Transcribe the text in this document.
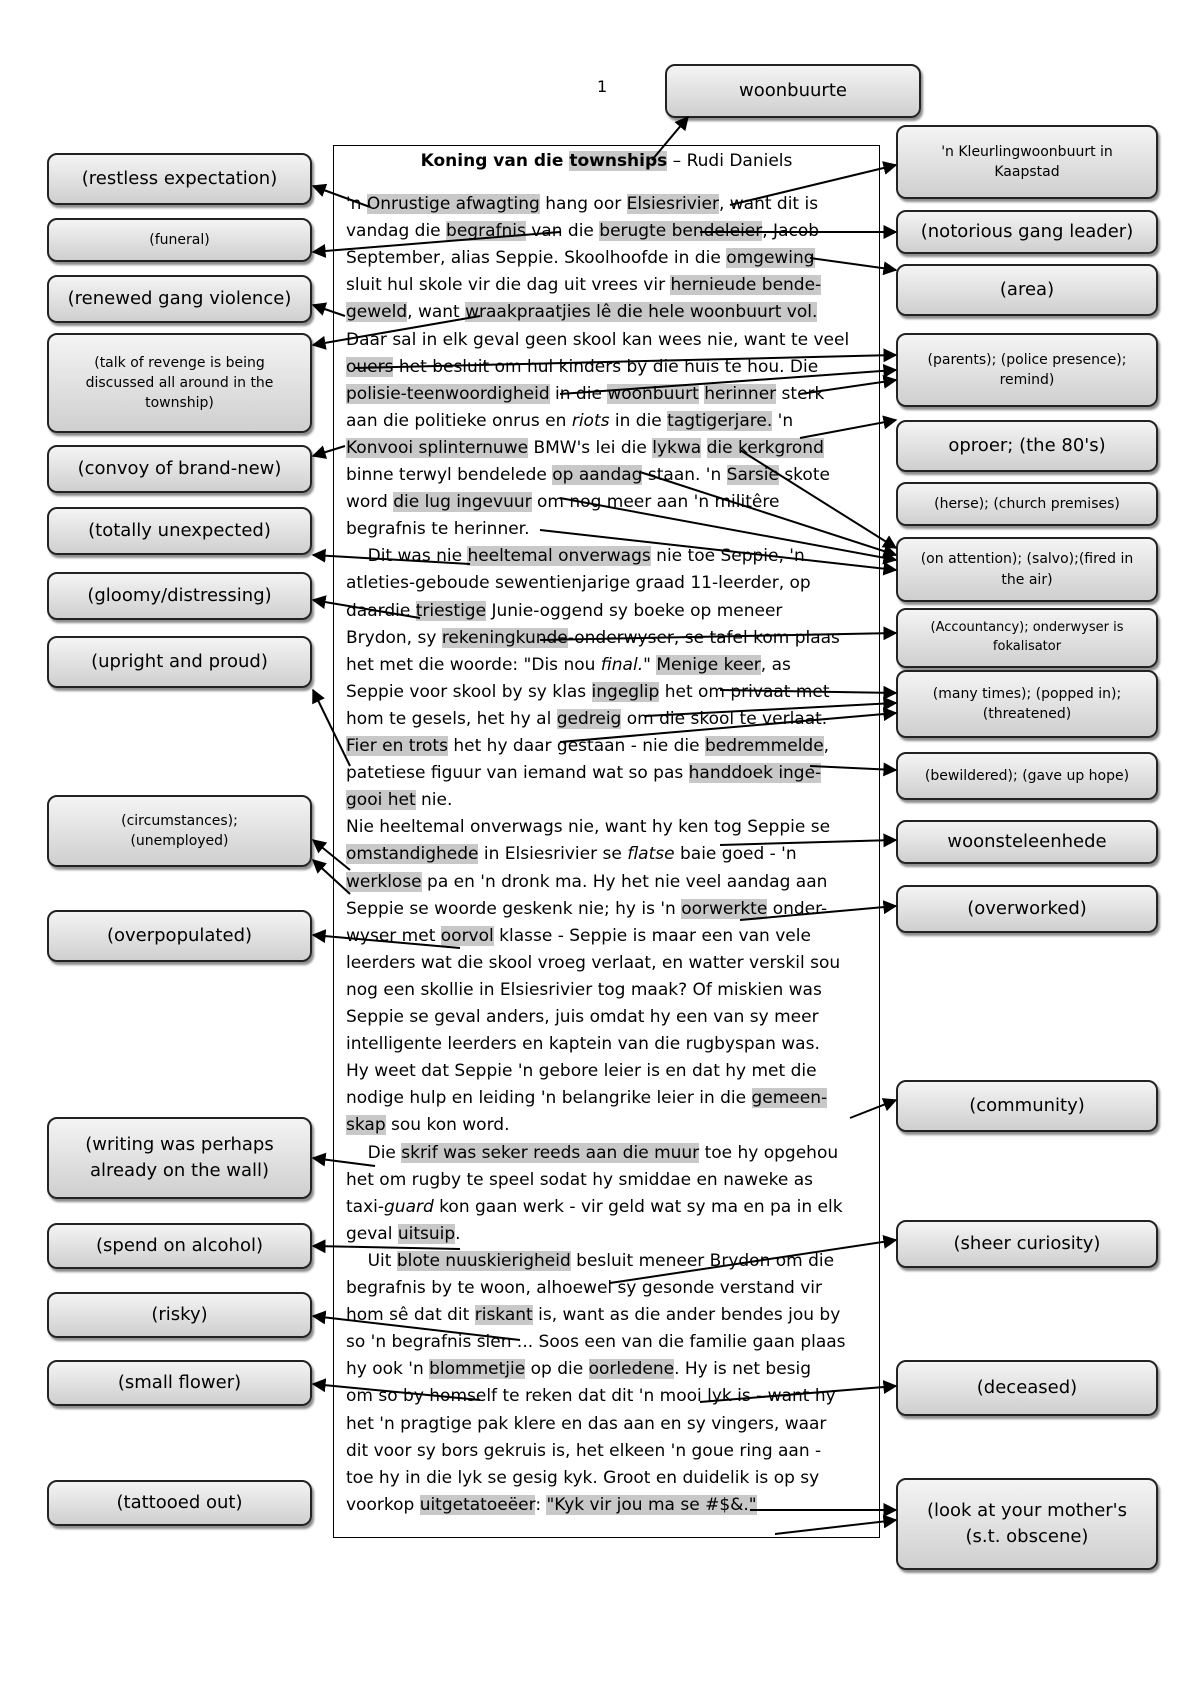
1	woonbuurte
'n Kleurlingwoonbuurt in
Kaapstad
(notorious gang leader)
(area)
(parents); (police presence);
remind)
oproer; (the 80's)
(herse); (church premises)
(on attention); (salvo);(fired in
the air)
(Accountancy); onderwyser is
fokalisator
(many times); (popped in);
(threatened)
(bewildered); (gave up hope)
woonsteleenhede
(overworked)
(community)
(sheer curiosity)
(deceased)
(look at your mother's
(s.t. obscene)
(restless expectation)
(funeral)
(renewed gang violence)
(talk of revenge is being
discussed all around in the
township)
(convoy of brand-new)
(totally unexpected)
(gloomy/distressing)
(upright and proud)
(circumstances);
(unemployed)
(overpopulated)
(writing was perhaps
already on the wall)
(spend on alcohol)
(risky)
(small flower)
(tattooed out)
Koning van die townships – Rudi Daniels
'n Onrustige afwagting hang oor Elsiesrivier, want dit is
vandag die begrafnis van die berugte bendeleier, Jacob
September, alias Seppie. Skoolhoofde in die omgewing
sluit hul skole vir die dag uit vrees vir hernieude bende-
geweld, want wraakpraatjies lê die hele woonbuurt vol.
Daar sal in elk geval geen skool kan wees nie, want te veel
ouers het besluit om hul kinders by die huis te hou. Die
polisie-teenwoordigheid in die woonbuurt herinner sterk
aan die politieke onrus en riots in die tagtigerjare. 'n
Konvooi splinternuwe BMW's lei die lykwa die kerkgrond
binne terwyl bendelede op aandag staan. 'n Sarsie skote
word die lug ingevuur om nog meer aan 'n militêre
begrafnis te herinner.
Dit was nie heeltemal onverwags nie toe Seppie, 'n
atleties-geboude sewentienjarige graad 11-leerder, op
daardie triestige Junie-oggend sy boeke op meneer
Brydon, sy rekeningkunde-onderwyser, se tafel kom plaas
het met die woorde: "Dis nou final." Menige keer, as
Seppie voor skool by sy klas ingeglip het om privaat met
hom te gesels, het hy al gedreig om die skool te verlaat.
Fier en trots het hy daar gestaan - nie die bedremmelde,
patetiese figuur van iemand wat so pas handdoek inge-
gooi het nie.
Nie heeltemal onverwags nie, want hy ken tog Seppie se
omstandighede in Elsiesrivier se flatse baie goed - 'n
werklose pa en 'n dronk ma. Hy het nie veel aandag aan
Seppie se woorde geskenk nie; hy is 'n oorwerkte onder-
wyser met oorvol klasse - Seppie is maar een van vele
leerders wat die skool vroeg verlaat, en watter verskil sou
nog een skollie in Elsiesrivier tog maak? Of miskien was
Seppie se geval anders, juis omdat hy een van sy meer
intelligente leerders en kaptein van die rugbyspan was.
Hy weet dat Seppie 'n gebore leier is en dat hy met die
nodige hulp en leiding 'n belangrike leier in die gemeen-
skap sou kon word.
Die skrif was seker reeds aan die muur toe hy opgehou
het om rugby te speel sodat hy smiddae en naweke as
taxi-guard kon gaan werk - vir geld wat sy ma en pa in elk
geval uitsuip.
Uit blote nuuskierigheid besluit meneer Brydon om die
begrafnis by te woon, alhoewel sy gesonde verstand vir
hom sê dat dit riskant is, want as die ander bendes jou by
so 'n begrafnis sien ... Soos een van die familie gaan plaas
hy ook 'n blommetjie op die oorledene. Hy is net besig
om so by homself te reken dat dit 'n mooi lyk is - want hy
het 'n pragtige pak klere en das aan en sy vingers, waar
dit voor sy bors gekruis is, het elkeen 'n goue ring aan -
toe hy in die lyk se gesig kyk. Groot en duidelik is op sy
voorkop uitgetatoeëer: "Kyk vir jou ma se #$&."
